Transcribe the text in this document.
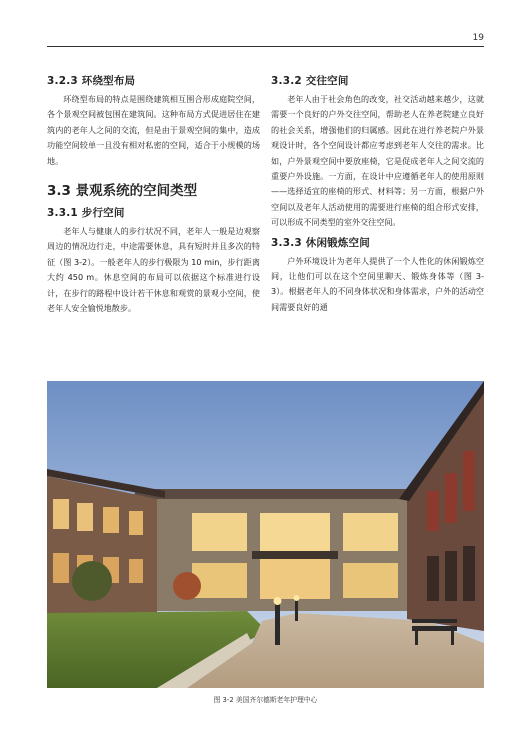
19
3.2.3 环绕型布局

环绕型布局的特点是围绕建筑相互围合形成庭院空间，各个景观空间被包围在建筑间。这种布局方式促进居住在建筑内的老年人之间的交流，但是由于景观空间的集中，造成功能空间较单一且没有相对私密的空间，适合于小规模的场地。

3.3 景观系统的空间类型
3.3.1 步行空间

老年人与健康人的步行状况不同，老年人一般是边观察周边的情况边行走，中途需要休息，具有短时并且多次的特征（图 3-2）。一般老年人的步行极限为 10 min，步行距离大约 450 m。休息空间的布局可以依据这个标准进行设计，在步行的路程中设计若干休息和观赏的景观小空间，使老年人安全愉悦地散步。

3.3.2 交往空间

老年人由于社会角色的改变，社交活动越来越少，这就需要一个良好的户外交往空间，帮助老人在养老院建立良好的社会关系，增强他们的归属感。因此在进行养老院户外景观设计时，各个空间设计都应考虑到老年人交往的需求。比如，户外景观空间中要放座椅，它是促成老年人之间交流的重要户外设施。一方面，在设计中应遵循老年人的使用原则——选择适宜的座椅的形式、材料等；另一方面，根据户外空间以及老年人活动使用的需要进行座椅的组合形式安排，可以形成不同类型的室外交往空间。

3.3.3 休闲锻炼空间

户外环境设计为老年人提供了一个人性化的休闲锻炼空间，让他们可以在这个空间里聊天、锻炼身体等（图 3-3）。根据老年人的不同身体状况和身体需求，户外的活动空间需要良好的通

图 3-2 美国齐尔德斯老年护理中心
